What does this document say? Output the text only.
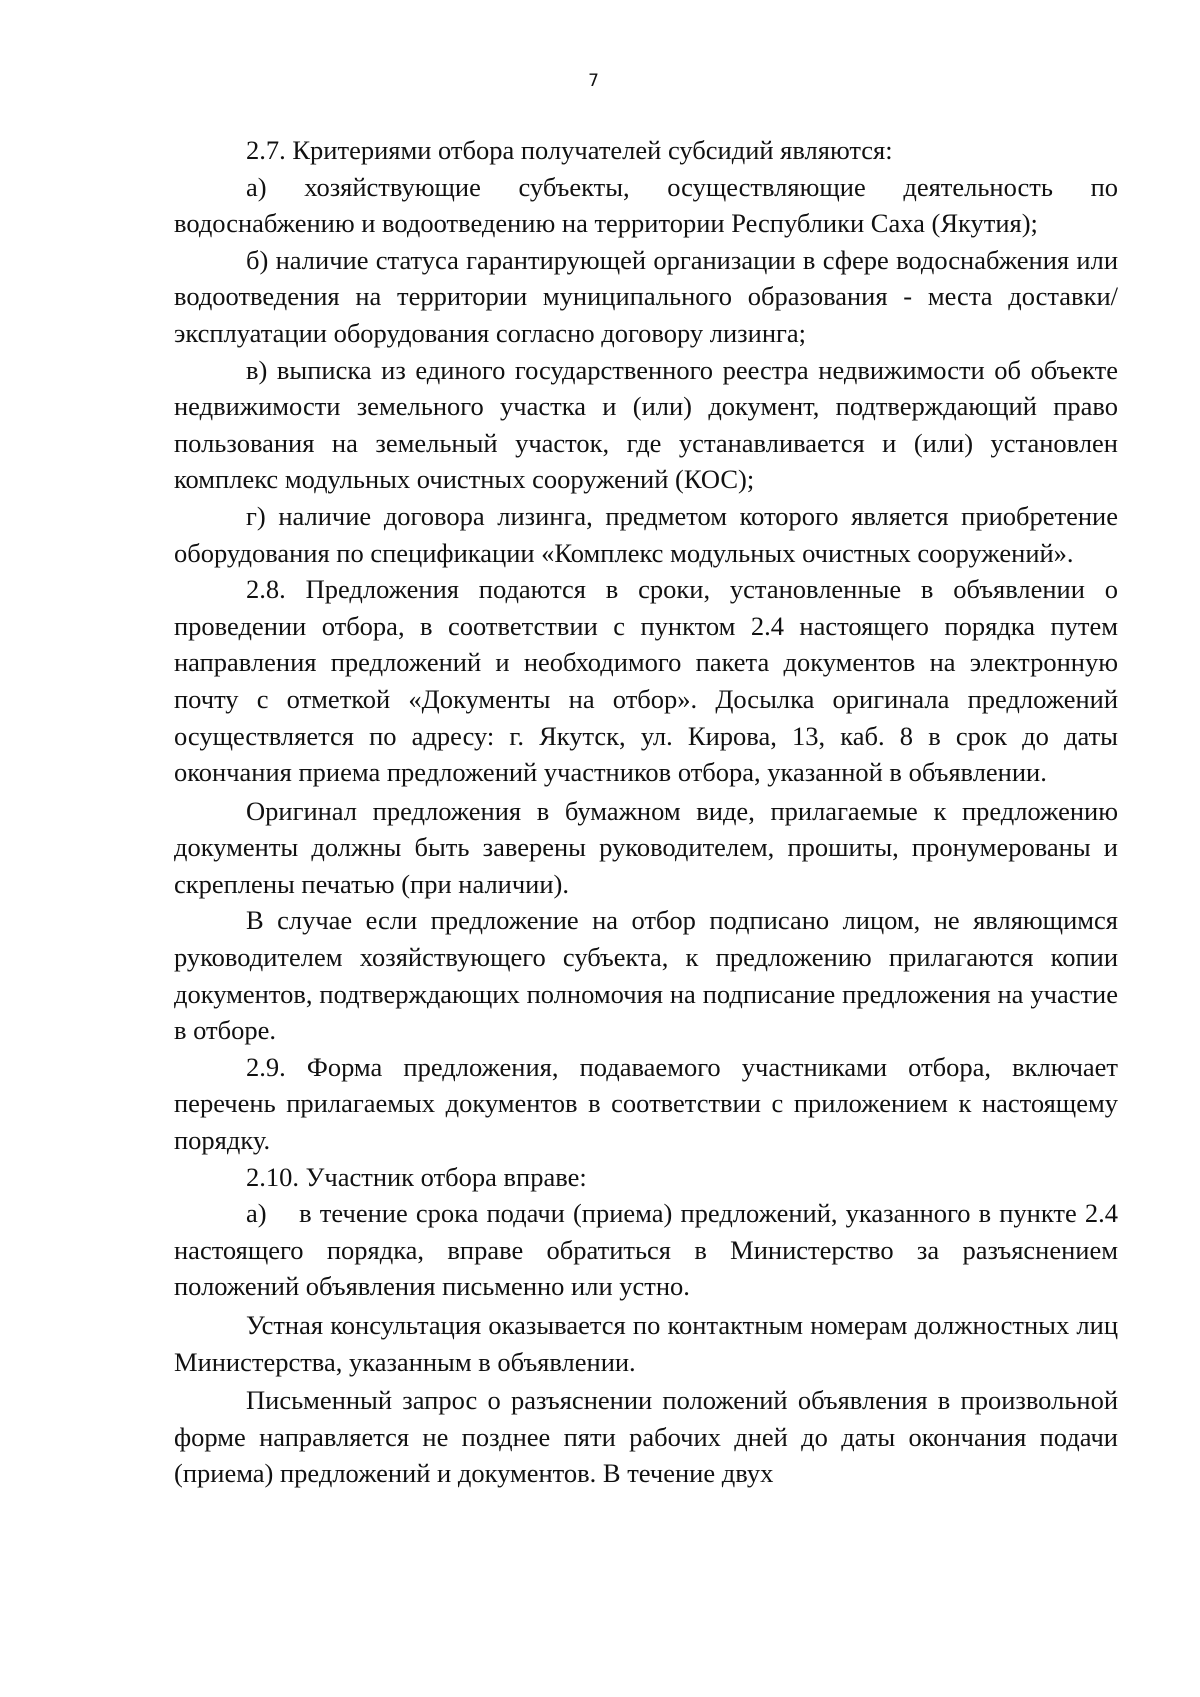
7

2.7. Критериями отбора получателей субсидий являются:

а) хозяйствующие субъекты, осуществляющие деятельность по водоснабжению и водоотведению на территории Республики Саха (Якутия);

б) наличие статуса гарантирующей организации в сфере водоснабжения или водоотведения на территории муниципального образования - места доставки/эксплуатации оборудования согласно договору лизинга;

в) выписка из единого государственного реестра недвижимости об объекте недвижимости земельного участка и (или) документ, подтверждающий право пользования на земельный участок, где устанавливается и (или) установлен комплекс модульных очистных сооружений (КОС);

г) наличие договора лизинга, предметом которого является приобретение оборудования по спецификации «Комплекс модульных очистных сооружений».

2.8. Предложения подаются в сроки, установленные в объявлении о проведении отбора, в соответствии с пунктом 2.4 настоящего порядка путем направления предложений и необходимого пакета документов на электронную почту с отметкой «Документы на отбор». Досылка оригинала предложений осуществляется по адресу: г. Якутск, ул. Кирова, 13, каб. 8 в срок до даты окончания приема предложений участников отбора, указанной в объявлении.

Оригинал предложения в бумажном виде, прилагаемые к предложению документы должны быть заверены руководителем, прошиты, пронумерованы и скреплены печатью (при наличии).

В случае если предложение на отбор подписано лицом, не являющимся руководителем хозяйствующего субъекта, к предложению прилагаются копии документов, подтверждающих полномочия на подписание предложения на участие в отборе.

2.9. Форма предложения, подаваемого участниками отбора, включает перечень прилагаемых документов в соответствии с приложением к настоящему порядку.

2.10. Участник отбора вправе:

а)    в течение срока подачи (приема) предложений, указанного в пункте 2.4 настоящего порядка, вправе обратиться в Министерство за разъяснением положений объявления письменно или устно.

Устная консультация оказывается по контактным номерам должностных лиц Министерства, указанным в объявлении.

Письменный запрос о разъяснении положений объявления в произвольной форме направляется не позднее пяти рабочих дней до даты окончания подачи (приема) предложений и документов. В течение двух
